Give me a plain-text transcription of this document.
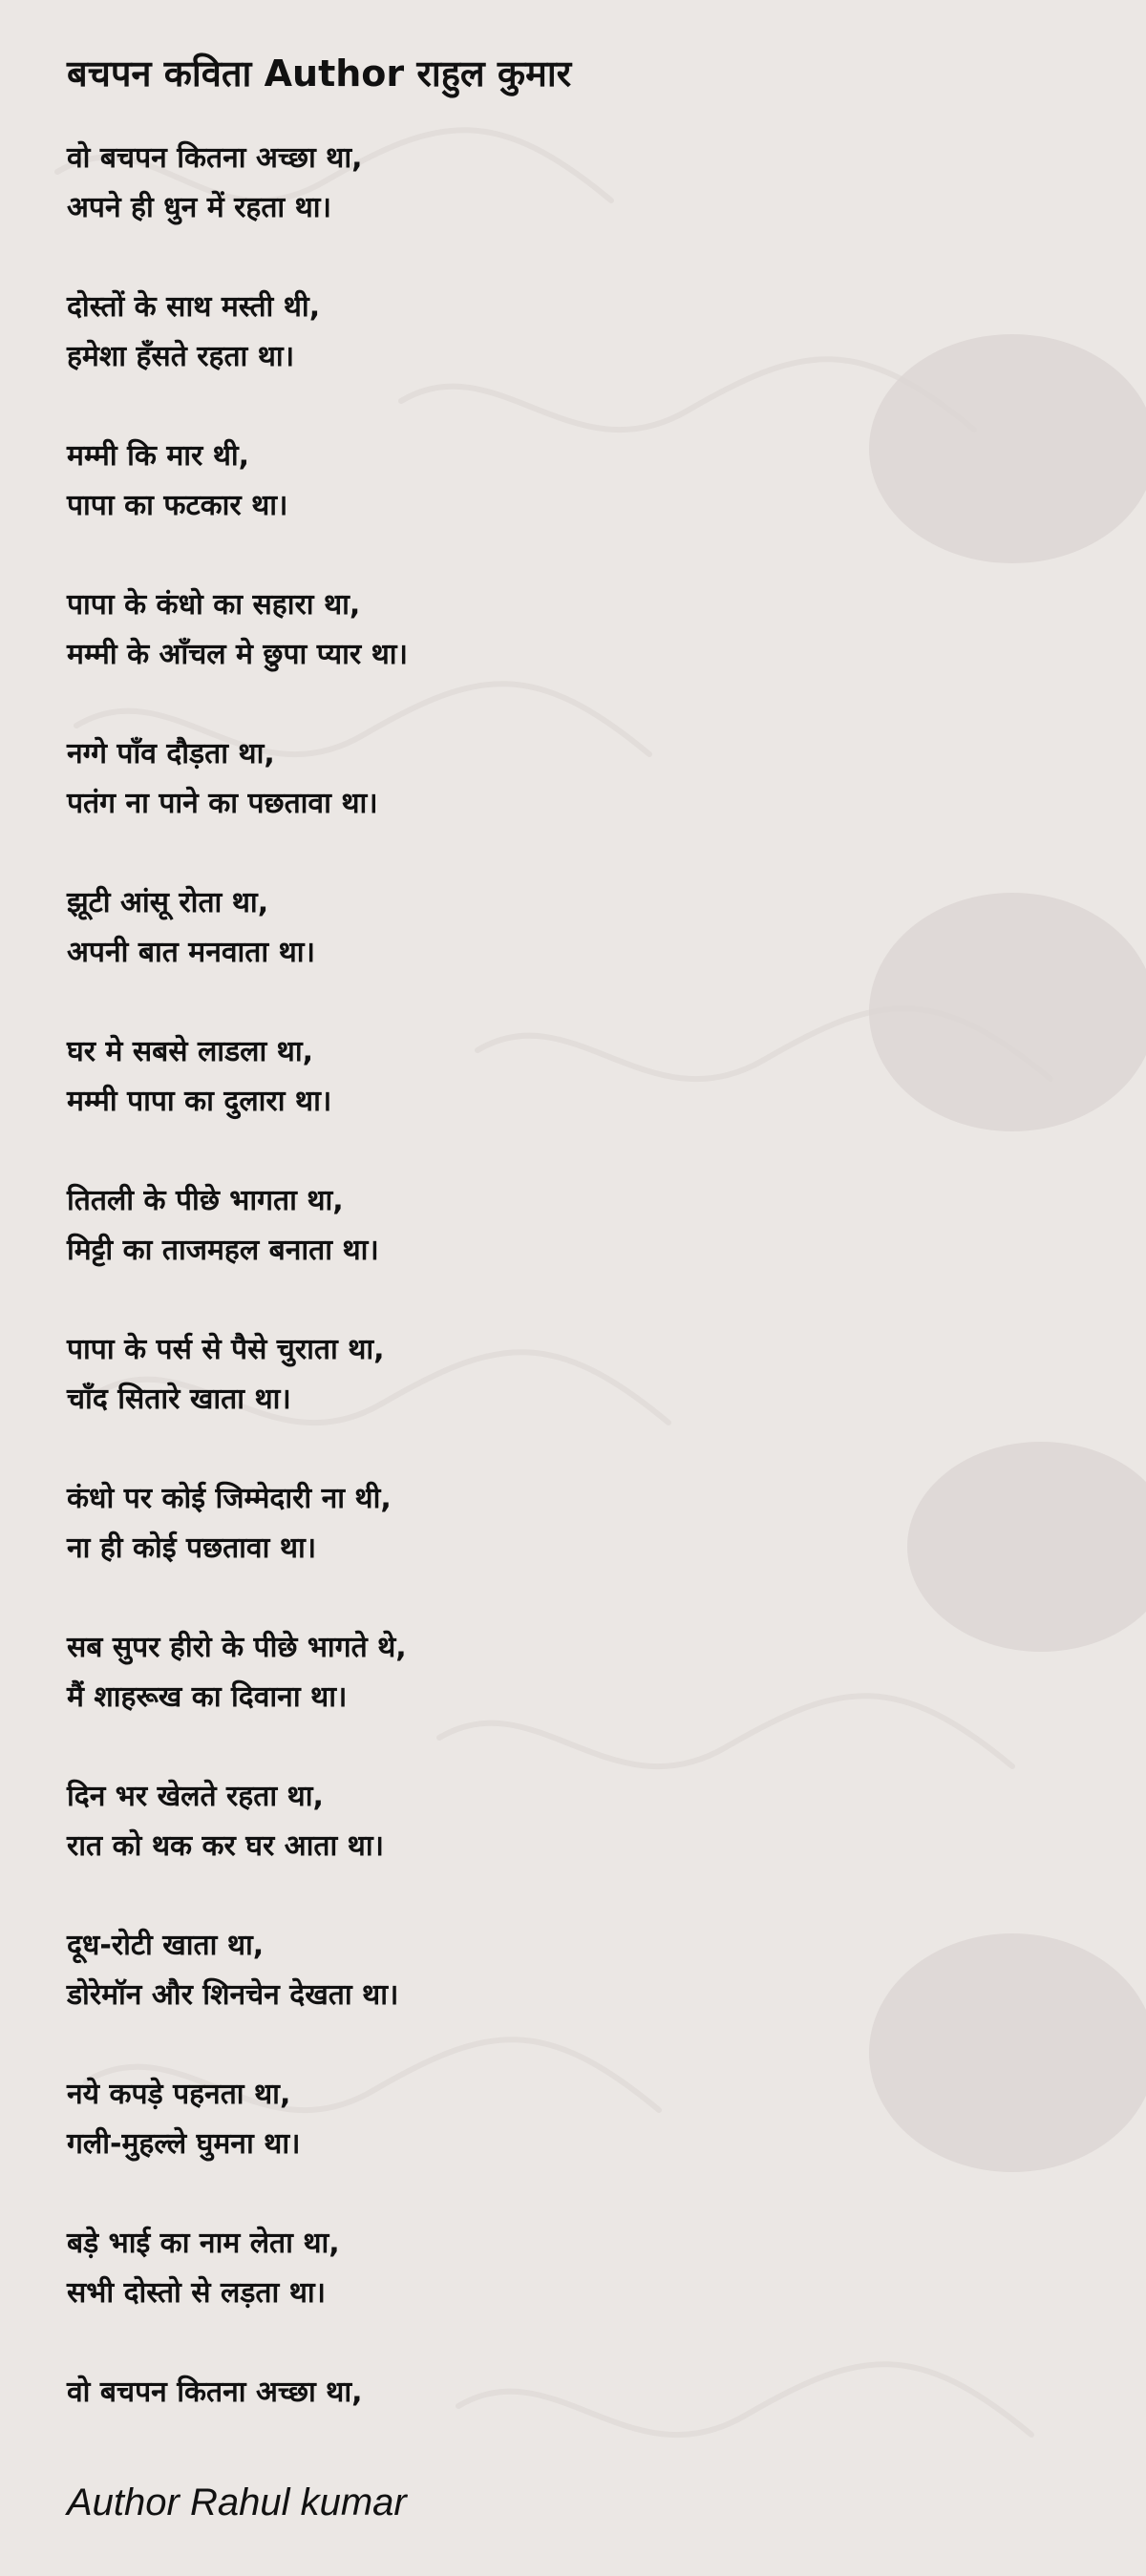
बचपन कविता Author राहुल कुमार
वो बचपन कितना अच्छा था,
अपने ही धुन में रहता था।
दोस्तों के साथ मस्ती थी,
हमेशा हँसते रहता था।
मम्मी कि मार थी,
पापा का फटकार था।
पापा के कंधो का सहारा था,
मम्मी के आँचल मे छुपा प्यार था।
नग्गे पाँव दौड़ता था,
पतंग ना पाने का पछतावा था।
झूटी आंसू रोता था,
अपनी बात मनवाता था।
घर मे सबसे लाडला था,
मम्मी पापा का दुलारा था।
तितली के पीछे भागता था,
मिट्टी का ताजमहल बनाता था।
पापा के पर्स से पैसे चुराता था,
चाँद सितारे खाता था।
कंधो पर कोई जिम्मेदारी ना थी,
ना ही कोई पछतावा था।
सब सुपर हीरो के पीछे भागते थे,
मैं शाहरूख का दिवाना था।
दिन भर खेलते रहता था,
रात को थक कर घर आता था।
दूध-रोटी खाता था,
डोरेमॉन और शिनचेन देखता था।
नये कपड़े पहनता था,
गली-मुहल्ले घुमना था।
बड़े भाई का नाम लेता था,
सभी दोस्तो से लड़ता था।
वो बचपन कितना अच्छा था,
Author Rahul kumar
